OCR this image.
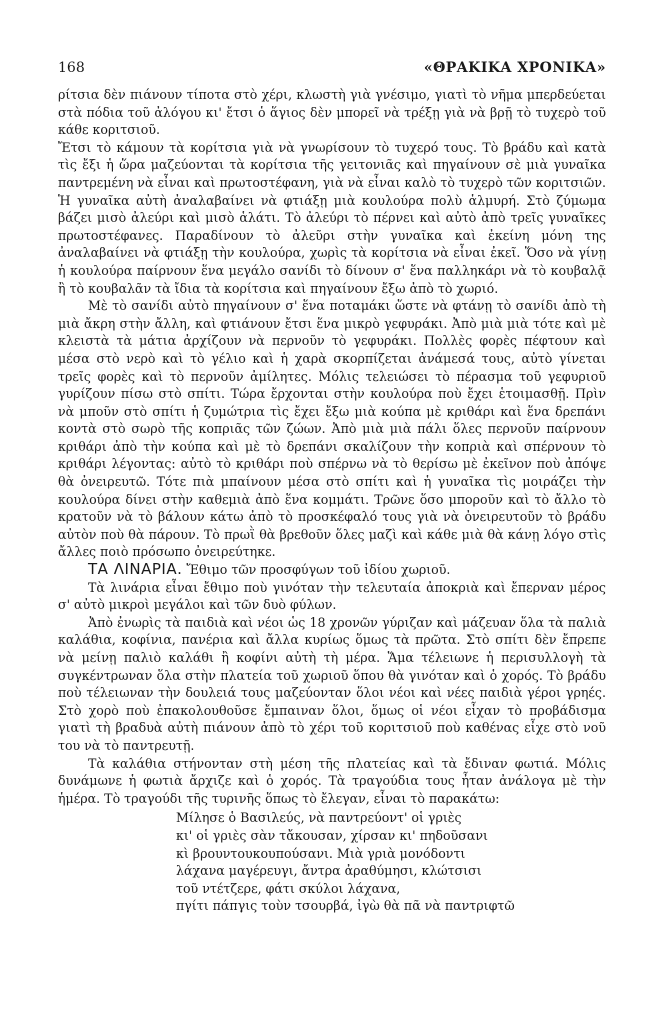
168	«ΘΡΑΚΙΚΑ ΧΡΟΝΙΚΑ»

ρίτσια δὲν πιάνουν τίποτα στὸ χέρι, κλωστὴ γιὰ γνέσιμο, γιατὶ τὸ νῆμα μπερδεύεται στὰ πόδια τοῦ ἀλόγου κι' ἔτσι ὁ ἅγιος δὲν μπορεῖ νὰ τρέξῃ γιὰ νὰ βρῇ τὸ τυχερὸ τοῦ κάθε κοριτσιοῦ.

Ἔτσι τὸ κάμουν τὰ κορίτσια γιὰ νὰ γνωρίσουν τὸ τυχερό τους. Τὸ βράδυ καὶ κατὰ τὶς ἔξι ἡ ὥρα μαζεύονται τὰ κορίτσια τῆς γειτονιᾶς καὶ πηγαίνουν σὲ μιὰ γυναῖκα παντρεμένη νὰ εἶναι καὶ πρωτοστέφανη, γιὰ νὰ εἶναι καλὸ τὸ τυχερὸ τῶν κοριτσιῶν. Ἡ γυναῖκα αὐτὴ ἀναλαβαίνει νὰ φτιάξῃ μιὰ κουλούρα πολὺ ἁλμυρή. Στὸ ζύμωμα βάζει μισὸ ἀλεύρι καὶ μισὸ ἁλάτι. Τὸ ἀλεύρι τὸ πέρνει καὶ αὐτὸ ἀπὸ τρεῖς γυναῖκες πρωτοστέφανες. Παραδίνουν τὸ ἀλεῦρι στὴν γυναῖκα καὶ ἐκείνη μόνη της ἀναλαβαίνει νὰ φτιάξῃ τὴν κουλούρα, χωρὶς τὰ κορίτσια νὰ εἶναι ἐκεῖ. Ὅσο νὰ γίνῃ ἡ κουλούρα παίρνουν ἕνα μεγάλο σανίδι τὸ δίνουν σ' ἕνα παλληκάρι νὰ τὸ κουβαλᾷ ἢ τὸ κουβαλᾶν τὰ ἴδια τὰ κορίτσια καὶ πηγαίνουν ἔξω ἀπὸ τὸ χωριό.

Μὲ τὸ σανίδι αὐτὸ πηγαίνουν σ' ἕνα ποταμάκι ὥστε νὰ φτάνῃ τὸ σανίδι ἀπὸ τὴ μιὰ ἄκρη στὴν ἄλλη, καὶ φτιάνουν ἔτσι ἕνα μικρὸ γεφυράκι. Ἀπὸ μιὰ μιὰ τότε καὶ μὲ κλειστὰ τὰ μάτια ἀρχίζουν νὰ περνοῦν τὸ γεφυράκι. Πολλὲς φορὲς πέφτουν καὶ μέσα στὸ νερὸ καὶ τὸ γέλιο καὶ ἡ χαρὰ σκορπίζεται ἀνάμεσά τους, αὐτὸ γίνεται τρεῖς φορὲς καὶ τὸ περνοῦν ἀμίλητες. Μόλις τελειώσει τὸ πέρασμα τοῦ γεφυριοῦ γυρίζουν πίσω στὸ σπίτι. Τώρα ἔρχονται στὴν κουλούρα ποὺ ἔχει ἑτοιμασθῇ. Πρὶν νὰ μποῦν στὸ σπίτι ἡ ζυμώτρια τὶς ἔχει ἔξω μιὰ κούπα μὲ κριθάρι καὶ ἕνα δρεπάνι κοντὰ στὸ σωρὸ τῆς κοπριᾶς τῶν ζώων. Ἀπὸ μιὰ μιὰ πάλι ὅλες περνοῦν παίρνουν κριθάρι ἀπὸ τὴν κούπα καὶ μὲ τὸ δρεπάνι σκαλίζουν τὴν κοπριὰ καὶ σπέρνουν τὸ κριθάρι λέγοντας: αὐτὸ τὸ κριθάρι ποὺ σπέρνω νὰ τὸ θερίσω μὲ ἐκεῖνον ποὺ ἀπόψε θὰ ὀνειρευτῶ. Τότε πιὰ μπαίνουν μέσα στὸ σπίτι καὶ ἡ γυναῖκα τὶς μοιράζει τὴν κουλούρα δίνει στὴν καθεμιὰ ἀπὸ ἕνα κομμάτι. Τρῶνε ὅσο μποροῦν καὶ τὸ ἄλλο τὸ κρατοῦν νὰ τὸ βάλουν κάτω ἀπὸ τὸ προσκέφαλό τους γιὰ νὰ ὀνειρευτοῦν τὸ βράδυ αὐτὸν ποὺ θὰ πάρουν. Τὸ πρωῒ θὰ βρεθοῦν ὅλες μαζὶ καὶ κάθε μιὰ θὰ κάνῃ λόγο στὶς ἄλλες ποιὸ πρόσωπο ὀνειρεύτηκε.

ΤΑ ΛΙΝΑΡΙΑ. Ἔθιμο τῶν προσφύγων τοῦ ἰδίου χωριοῦ.

Τὰ λινάρια εἶναι ἔθιμο ποὺ γινόταν τὴν τελευταία ἀποκριὰ καὶ ἔπερναν μέρος σ' αὐτὸ μικροὶ μεγάλοι καὶ τῶν δυὸ φύλων.

Ἀπὸ ἐνωρὶς τὰ παιδιὰ καὶ νέοι ὡς 18 χρονῶν γύριζαν καὶ μάζευαν ὅλα τὰ παλιὰ καλάθια, κοφίνια, πανέρια καὶ ἄλλα κυρίως ὅμως τὰ πρῶτα. Στὸ σπίτι δὲν ἔπρεπε νὰ μείνῃ παλιὸ καλάθι ἢ κοφίνι αὐτὴ τὴ μέρα. Ἅμα τέλειωνε ἡ περισυλλογὴ τὰ συγκέντρωναν ὅλα στὴν πλατεία τοῦ χωριοῦ ὅπου θὰ γινόταν καὶ ὁ χορός. Τὸ βράδυ ποὺ τέλειωναν τὴν δουλειά τους μαζεύονταν ὅλοι νέοι καὶ νέες παιδιὰ γέροι γρηές. Στὸ χορὸ ποὺ ἐπακολουθοῦσε ἔμπαιναν ὅλοι, ὅμως οἱ νέοι εἶχαν τὸ προβάδισμα γιατὶ τὴ βραδυὰ αὐτὴ πιάνουν ἀπὸ τὸ χέρι τοῦ κοριτσιοῦ ποὺ καθένας εἶχε στὸ νοῦ του νὰ τὸ παντρευτῇ.

Τὰ καλάθια στήνονταν στὴ μέση τῆς πλατείας καὶ τὰ ἔδιναν φωτιά. Μόλις δυνάμωνε ἡ φωτιὰ ἄρχιζε καὶ ὁ χορός. Τὰ τραγούδια τους ἦταν ἀνάλογα μὲ τὴν ἡμέρα. Τὸ τραγούδι τῆς τυρινῆς ὅπως τὸ ἔλεγαν, εἶναι τὸ παρακάτω:

Μίλησε ὁ Βασιλεύς, νὰ παντρεύοντ' οἱ γριὲς
κι' οἱ γριὲς σὰν τἄκουσαν, χίρσαν κι' πηδοῦσανι
κὶ βρουντουκουπούσανι. Μιὰ γριὰ μονόδοντι
λάχανα μαγέρευγι, ἄντρα ἀραθύμησι, κλώτσισι
τοῦ ντέτζερε, φάτι σκύλοι λάχανα,
πγίτι πάπγις τοὺν τσουρβά, ἰγὼ θὰ πᾶ νὰ παντριφτῶ
